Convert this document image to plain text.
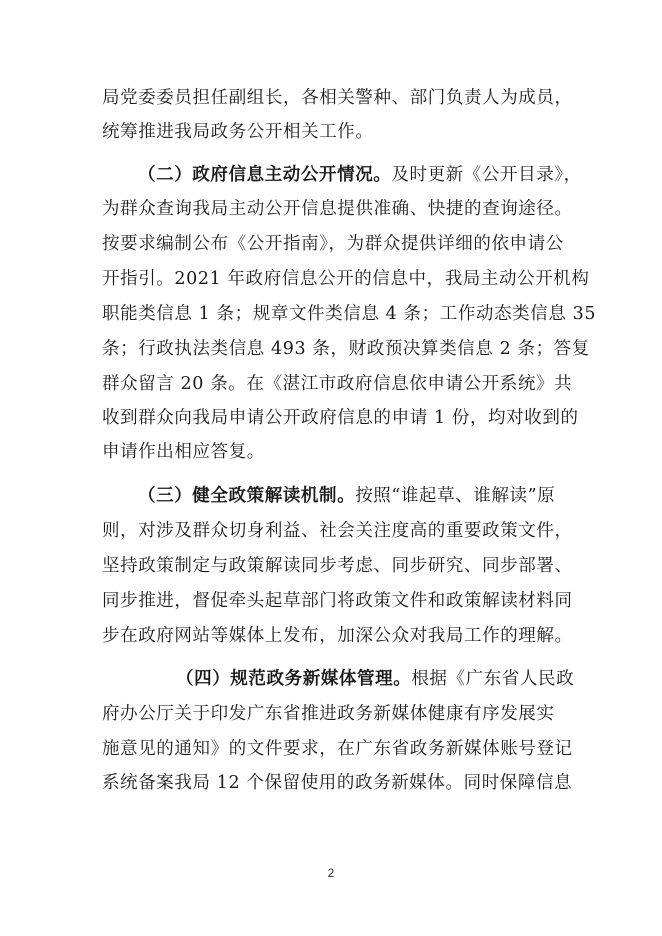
局党委委员担任副组长，各相关警种、部门负责人为成员，
统筹推进我局政务公开相关工作。
（二）政府信息主动公开情况。及时更新《公开目录》，
为群众查询我局主动公开信息提供准确、快捷的查询途径。
按要求编制公布《公开指南》，为群众提供详细的依申请公
开指引。2021 年政府信息公开的信息中，我局主动公开机构
职能类信息 1 条；规章文件类信息 4 条；工作动态类信息 35
条；行政执法类信息 493 条，财政预决算类信息 2 条；答复
群众留言 20 条。在《湛江市政府信息依申请公开系统》共
收到群众向我局申请公开政府信息的申请 1 份，均对收到的
申请作出相应答复。
（三）健全政策解读机制。按照“谁起草、谁解读”原
则，对涉及群众切身利益、社会关注度高的重要政策文件，
坚持政策制定与政策解读同步考虑、同步研究、同步部署、
同步推进，督促牵头起草部门将政策文件和政策解读材料同
步在政府网站等媒体上发布，加深公众对我局工作的理解。
（四）规范政务新媒体管理。根据《广东省人民政
府办公厅关于印发广东省推进政务新媒体健康有序发展实
施意见的通知》的文件要求，在广东省政务新媒体账号登记
系统备案我局 12 个保留使用的政务新媒体。同时保障信息
2
